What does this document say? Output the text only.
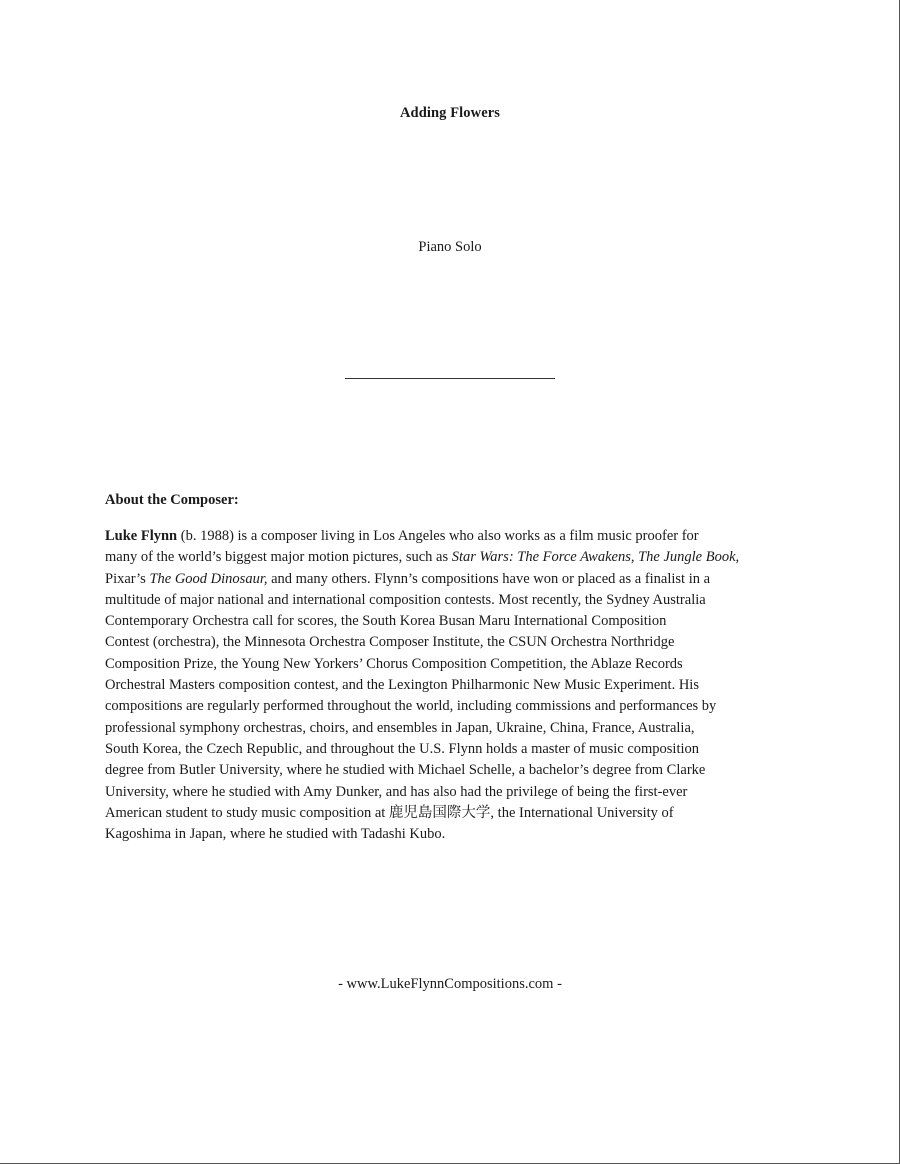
Adding Flowers
Piano Solo
About the Composer:
Luke Flynn (b. 1988) is a composer living in Los Angeles who also works as a film music proofer for
many of the world’s biggest major motion pictures, such as Star Wars: The Force Awakens, The Jungle Book,
Pixar’s The Good Dinosaur, and many others. Flynn’s compositions have won or placed as a finalist in a
multitude of major national and international composition contests. Most recently, the Sydney Australia
Contemporary Orchestra call for scores, the South Korea Busan Maru International Composition
Contest (orchestra), the Minnesota Orchestra Composer Institute, the CSUN Orchestra Northridge
Composition Prize, the Young New Yorkers’ Chorus Composition Competition, the Ablaze Records
Orchestral Masters composition contest, and the Lexington Philharmonic New Music Experiment. His
compositions are regularly performed throughout the world, including commissions and performances by
professional symphony orchestras, choirs, and ensembles in Japan, Ukraine, China, France, Australia,
South Korea, the Czech Republic, and throughout the U.S. Flynn holds a master of music composition
degree from Butler University, where he studied with Michael Schelle, a bachelor’s degree from Clarke
University, where he studied with Amy Dunker, and has also had the privilege of being the first-ever
American student to study music composition at 鹿児島国際大学, the International University of
Kagoshima in Japan, where he studied with Tadashi Kubo.
- www.LukeFlynnCompositions.com -
